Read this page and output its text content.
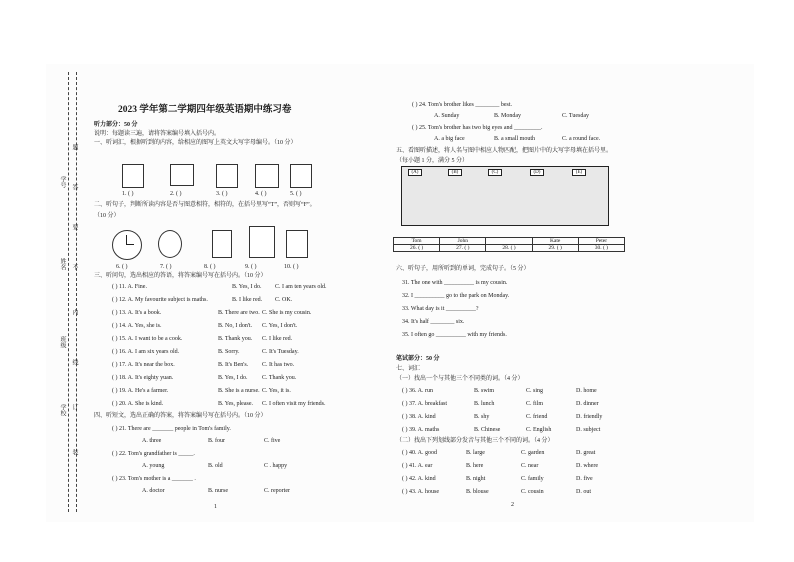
学号
姓名
班级
学校
题
答
要
不
内
线
订
装
2023 学年第二学期四年级英语期中练习卷
听力部分：50 分
说明：每题读三遍，请将答案编号填入括号内。
一、听词汇，根据听到的内容，给相应的图写上英文大写字母编号。（10 分）
1. ( )	2. ( )	3. ( )	4. ( )	5. ( )
二、听句子，判断所读内容是否与图意相符，相符的，在括号里写“T”，否则写“F”。
（10 分）
6. ( )	7. ( )	8. ( )	9. ( )	10. ( )
三、听问句，选出相应的答语，将答案编号写在括号内。（10 分）
( ) 11. A. Fine.	B. Yes, I do. C. I am ten years old.
( ) 12. A. My favourite subject is maths.	B. I like red. C. OK.
( ) 13. A. It's a book.	B. There are two. C. She is my cousin.
( ) 14. A. Yes, she is.	B. No, I don't. C. Yes, I don't.
( ) 15. A. I want to be a cook.	B. Thank you. C. I like red.
( ) 16. A. I am six years old.	B. Sorry.	C. It's Tuesday.
( ) 17. A. It's near the box.	B. It's Ben's. C. It has two.
( ) 18. A. It's eighty yuan.	B. Yes, I do. C. Thank you.
( ) 19. A. He's a farmer.	B. She is a nurse. C. Yes, it is.
( ) 20. A. She is kind.	B. Yes, please. C. I often visit my friends.
四、听短文，选出正确的答案，将答案编号写在括号内。（10 分）
( ) 21. There are _______ people in Tom's family.
A. three	B. four	C. five
( ) 22. Tom's grandfather is _____.
A. young	B. old	C . happy
( ) 23. Tom's mother is a _______ .
A. doctor	B. nurse	C. reporter
1
( ) 24. Tom's brother likes ________ best.
A. Sunday	B. Monday	C. Tuesday
( ) 25. Tom's brother has two big eyes and _________.
A. a big face	B. a small mouth	C. a round face.
五、看图听描述，将人名与图中相应人物匹配，把图片中的大写字母填在括号里。
（每小题 1 分，满分 5 分）
(A)	(B)	(C)	(D)	(E)
Tom	John		Kate	Peter
26. ( )	27. ( )	28. ( )	29. ( )	30. ( )
六、听句子，用所听到的单词，完成句子。（5 分）
31. The one with __________ is my cousin.
32. I __________ go to the park on Monday.
33. What day is it __________?
34. It's half ________ six.
35. I often go __________ with my friends.
笔试部分：50 分
七、词汇
（一）找出一个与其他三个不同类的词。（4 分）
( ) 36. A. run	B. swim	C. sing	D. home
( ) 37. A. breakfast	B. lunch	C. film	D. dinner
( ) 38. A. kind	B. shy	C. friend	D. friendly
( ) 39. A. maths	B. Chinese	C. English	D. subject
（二）找出下列划线部分发音与其他三个不同的词。（4 分）
( ) 40. A. good	B. large	C. garden	D. great
( ) 41. A. ear	B. here	C. near	D. where
( ) 42. A. kind	B. night	C. family	D. five
( ) 43. A. house	B. blouse	C. cousin	D. out
2
